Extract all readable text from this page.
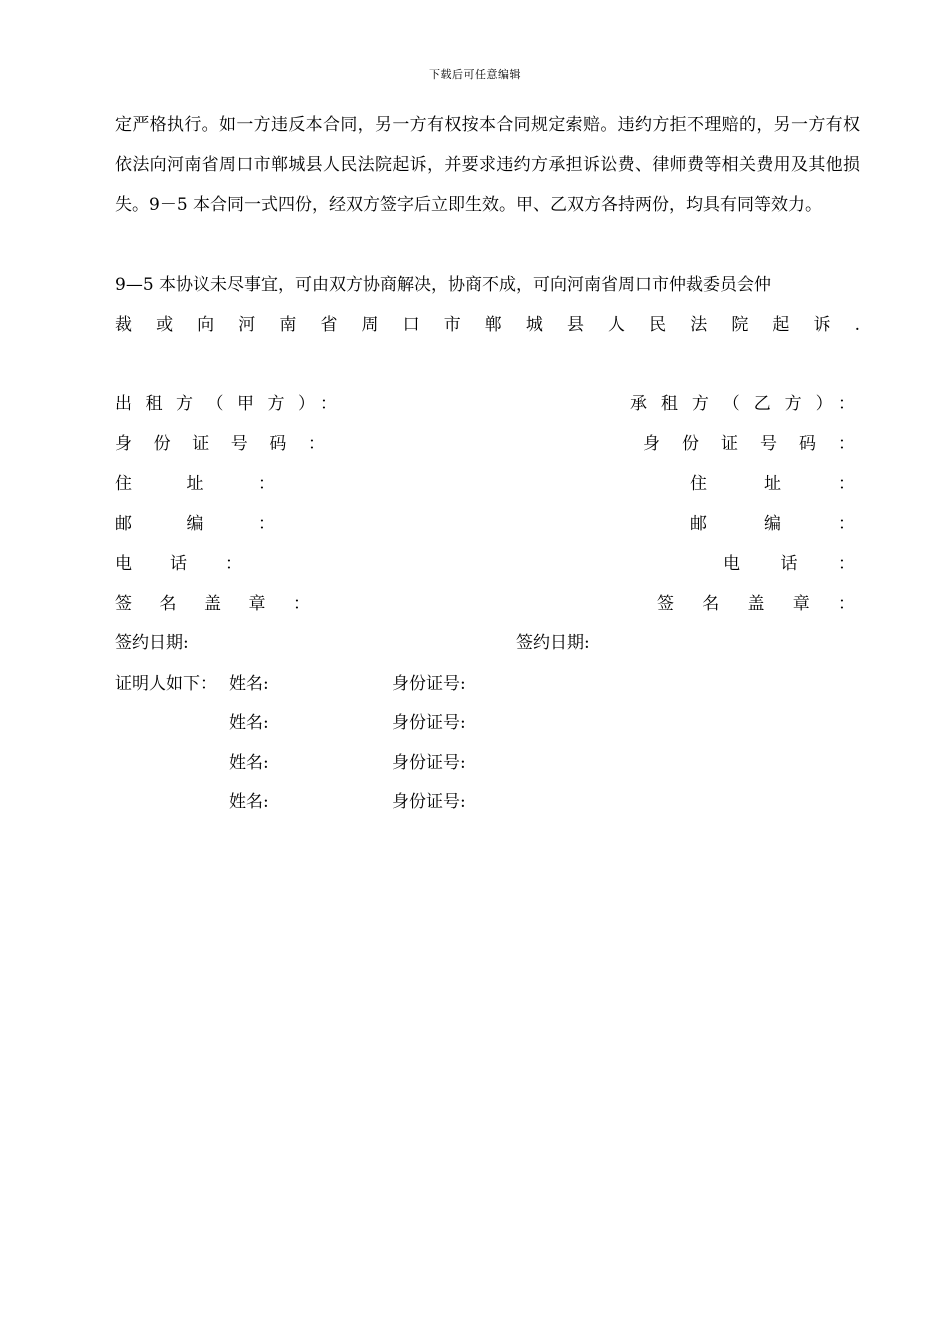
下载后可任意编辑
定严格执行。如一方违反本合同，另一方有权按本合同规定索赔。违约方拒不理赔的，另一方有权依法向河南省周口市郸城县人民法院起诉，并要求违约方承担诉讼费、律师费等相关费用及其他损失。9－5 本合同一式四份，经双方签字后立即生效。甲、乙双方各持两份，均具有同等效力。
9—5 本协议未尽事宜，可由双方协商解决，协商不成，可向河南省周口市仲裁委员会仲
裁或向河南省周口市郸城县人民法院起诉.
出租方（甲方）：	承租方（乙方）：
身份证号码：	身份证号码：
住址：	住址：
邮编：	邮编：
电话：	电话：
签名盖章：	签名盖章：
签约日期:	签约日期:
证明人如下： 姓名:	身份证号:
姓名:	身份证号:
姓名:	身份证号:
姓名:	身份证号:
